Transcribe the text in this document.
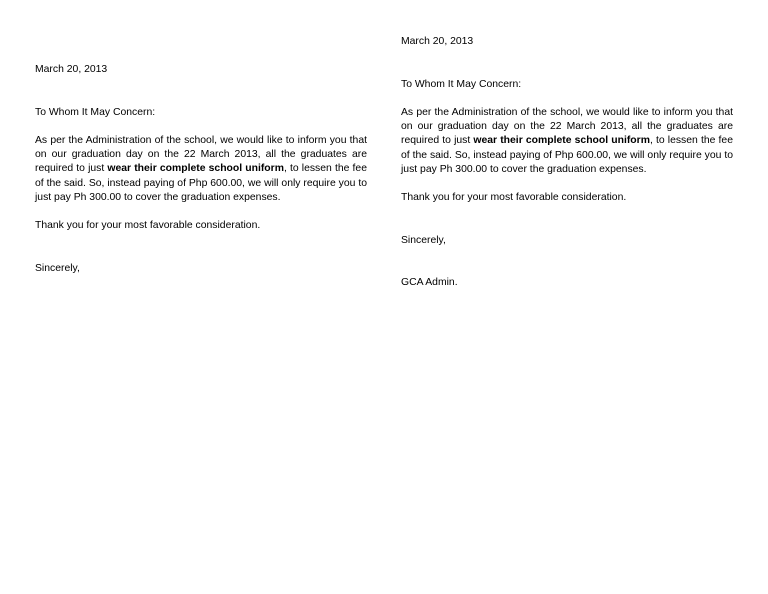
March 20, 2013

To Whom It May Concern:

As per the Administration of the school, we would like to inform you that on our graduation day on the 22 March 2013, all the graduates are required to just wear their complete school uniform, to lessen the fee of the said. So, instead paying of Php 600.00, we will only require you to just pay Ph 300.00 to cover the graduation expenses.

Thank you for your most favorable consideration.

Sincerely,

March 20, 2013

To Whom It May Concern:

As per the Administration of the school, we would like to inform you that on our graduation day on the 22 March 2013, all the graduates are required to just wear their complete school uniform, to lessen the fee of the said. So, instead paying of Php 600.00, we will only require you to just pay Ph 300.00 to cover the graduation expenses.

Thank you for your most favorable consideration.

Sincerely,

GCA Admin.
